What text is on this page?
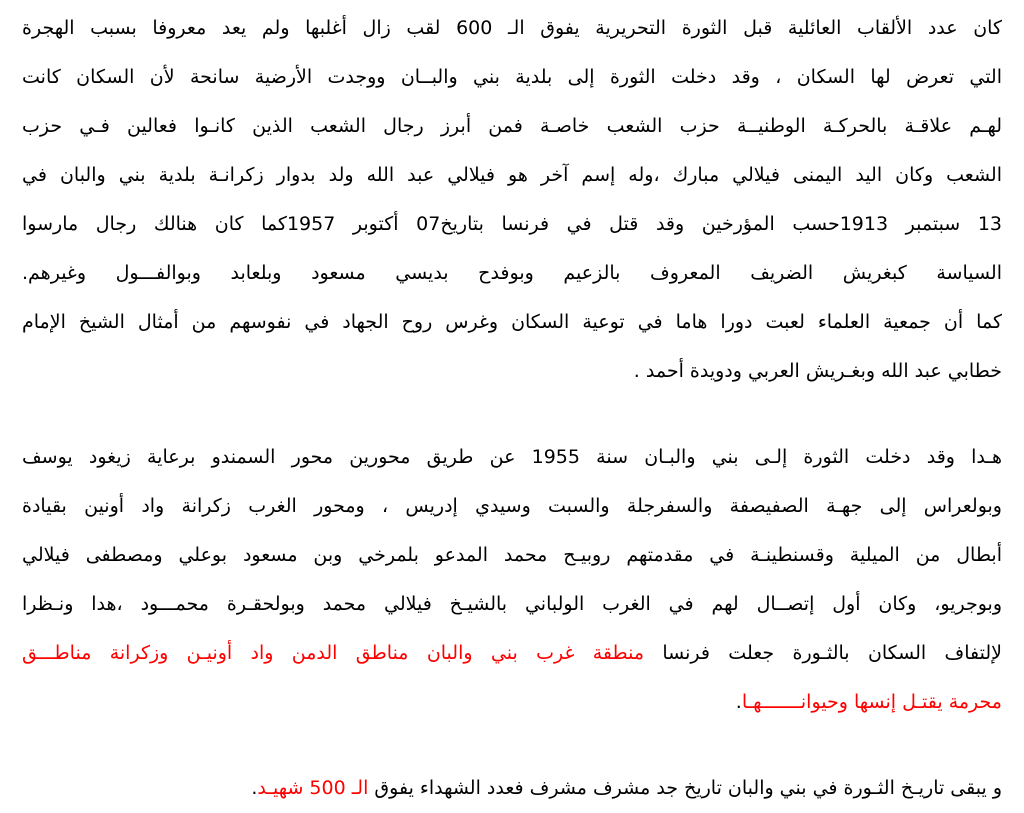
كان عدد الألقاب العائلية قبل الثورة التحريرية يفوق الـ 600 لقب زال أغلبها ولم يعد معروفا بسبب الهجرة
التي تعرض لها السكان ، وقد دخلت الثورة إلى بلدية بني والبــان ووجدت الأرضية سانحة لأن السكان كانت
لهـم علاقـة بالحركـة الوطنيــة حزب الشعب خاصـة فمن أبرز رجال الشعب الذين كانـوا فعالين فـي حزب
الشعب وكان اليد اليمنى فيلالي مبارك ،وله إسم آخر هو فيلالي عبد الله ولد بدوار زكرانـة بلدية بني والبان في
13 سبتمبر 1913حسب المؤرخين وقد قتل في فرنسا بتاريخ07 أكتوبر 1957كما كان هنالك رجال مارسوا
السياسة كبغريش الضريف المعروف بالزعيم وبوفدح بديسي مسعود وبلعابد وبوالفـــول وغيرهم.
كما أن جمعية العلماء لعبت دورا هاما في توعية السكان وغرس روح الجهاد في نفوسهم من أمثال الشيخ الإمام
خطابي عبد الله وبغـريش العربي ودويدة أحمد .
هـدا وقد دخلت الثورة إلـى بني والبـان سنة 1955 عن طريق محورين محور السمندو برعاية زيغود يوسف
وبولعراس إلى جهـة الصفيصفة والسفرجلة والسبت وسيدي إدريس ، ومحور الغرب زكرانة واد أونين بقيادة
أبطال من الميلية وقسنطينـة في مقدمتهم روبيـح محمد المدعو بلمرخي وبن مسعود بوعلي ومصطفى فيلالي
وبوجريو، وكان أول إتصــال لهم في الغرب الولباني بالشيـخ فيلالي محمد وبولحقـرة محمـــود ،هدا ونـظرا
لإلتفاف السكان بالثـورة جعلت فرنسا منطقة غرب بني والبان مناطق الدمن واد أونيـن وزكرانة مناطـــق
محرمة يقتـل إنسها وحيوانـــــــهـا.
و يبقى تاريـخ الثـورة في بني والبان تاريخ جد مشرف مشرف فعدد الشهداء يفوق الـ 500 شهيـد.
